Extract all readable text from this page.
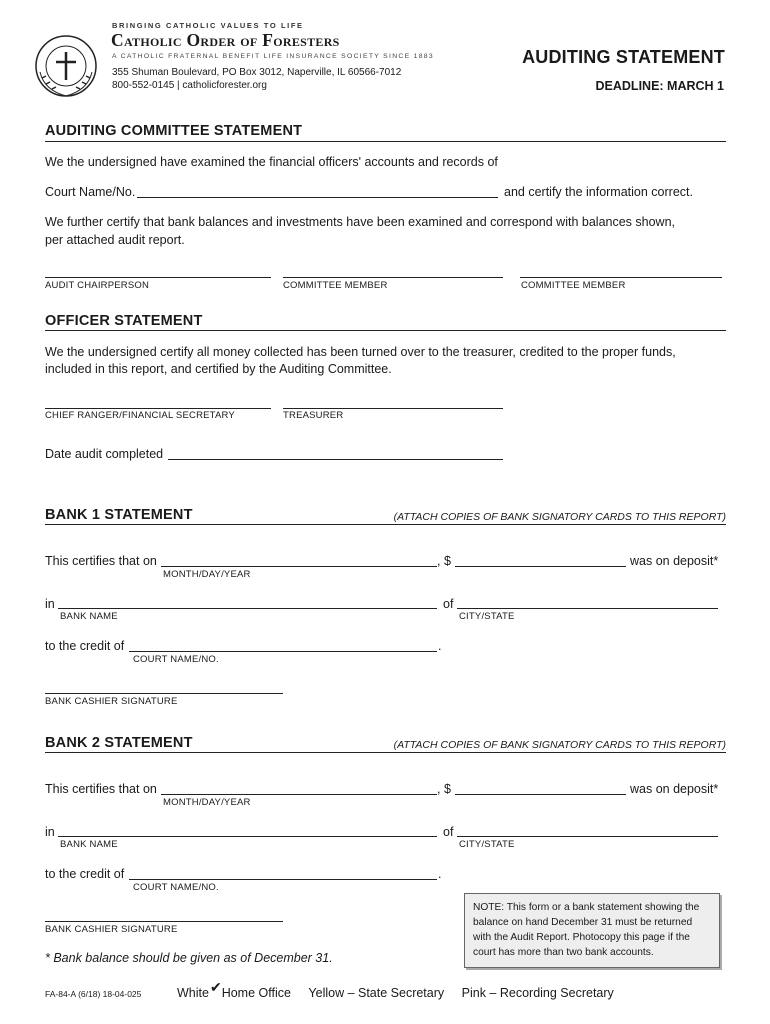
BRINGING CATHOLIC VALUES TO LIFE
Catholic Order of Foresters
A CATHOLIC FRATERNAL BENEFIT LIFE INSURANCE SOCIETY SINCE 1883
355 Shuman Boulevard, PO Box 3012, Naperville, IL 60566-7012
800-552-0145 | catholicforester.org
AUDITING STATEMENT
DEADLINE: MARCH 1
AUDITING COMMITTEE STATEMENT
We the undersigned have examined the financial officers' accounts and records of
Court Name/No.	and certify the information correct.
We further certify that bank balances and investments have been examined and correspond with balances shown,
per attached audit report.
AUDIT CHAIRPERSON	COMMITTEE MEMBER	COMMITTEE MEMBER
OFFICER STATEMENT
We the undersigned certify all money collected has been turned over to the treasurer, credited to the proper funds,
included in this report, and certified by the Auditing Committee.
CHIEF RANGER/FINANCIAL SECRETARY	TREASURER
Date audit completed
BANK 1 STATEMENT	(ATTACH COPIES OF BANK SIGNATORY CARDS TO THIS REPORT)
This certifies that on	, $	was on deposit*
MONTH/DAY/YEAR
in	of
BANK NAME	CITY/STATE
to the credit of	.
COURT NAME/NO.
BANK CASHIER SIGNATURE
BANK 2 STATEMENT	(ATTACH COPIES OF BANK SIGNATORY CARDS TO THIS REPORT)
This certifies that on	, $	was on deposit*
MONTH/DAY/YEAR
in	of
BANK NAME	CITY/STATE
to the credit of	.
COURT NAME/NO.
BANK CASHIER SIGNATURE
NOTE: This form or a bank statement showing the balance on hand December 31 must be returned with the Audit Report. Photocopy this page if the court has more than two bank accounts.
* Bank balance should be given as of December 31.
FA-84-A (6/18) 18-04-025	White✔Home Office Yellow – State Secretary Pink – Recording Secretary
